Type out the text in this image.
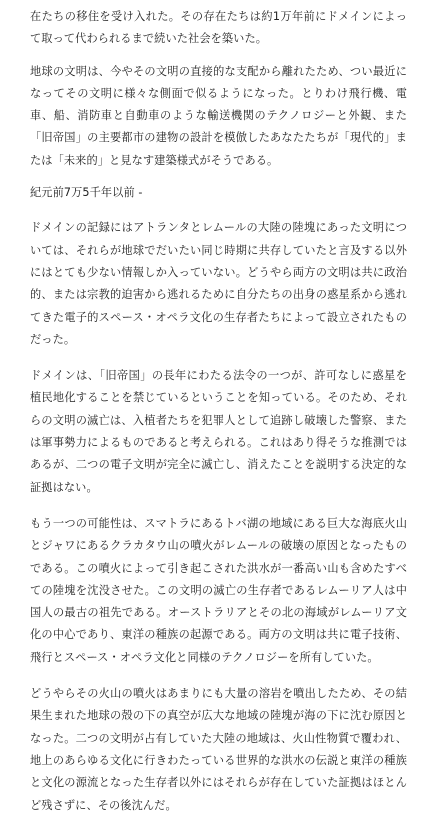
在たちの移住を受け入れた。その存在たちは約1万年前にドメインによって取って代わられるまで続いた社会を築いた。

地球の文明は、今やその文明の直接的な支配から離れたため、つい最近になってその文明に様々な側面で似るようになった。とりわけ飛行機、電車、船、消防車と自動車のような輸送機関のテクノロジーと外観、また「旧帝国」の主要都市の建物の設計を模倣したあなたたちが「現代的」または「未来的」と見なす建築様式がそうである。

紀元前7万5千年以前 -

ドメインの記録にはアトランタとレムールの大陸の陸塊にあった文明については、それらが地球でだいたい同じ時期に共存していたと言及する以外にはとても少ない情報しか入っていない。どうやら両方の文明は共に政治的、または宗教的迫害から逃れるために自分たちの出身の惑星系から逃れてきた電子的スペース・オペラ文化の生存者たちによって設立されたものだった。

ドメインは、「旧帝国」の長年にわたる法令の一つが、許可なしに惑星を植民地化することを禁じているということを知っている。そのため、それらの文明の滅亡は、入植者たちを犯罪人として追跡し破壊した警察、または軍事勢力によるものであると考えられる。これはあり得そうな推測ではあるが、二つの電子文明が完全に滅亡し、消えたことを説明する決定的な証拠はない。

もう一つの可能性は、スマトラにあるトバ湖の地域にある巨大な海底火山とジャワにあるクラカタウ山の噴火がレムールの破壊の原因となったものである。この噴火によって引き起こされた洪水が一番高い山も含めたすべての陸塊を沈没させた。この文明の滅亡の生存者であるレムーリア人は中国人の最古の祖先である。オーストラリアとその北の海域がレムーリア文化の中心であり、東洋の種族の起源である。両方の文明は共に電子技術、飛行とスペース・オペラ文化と同様のテクノロジーを所有していた。

どうやらその火山の噴火はあまりにも大量の溶岩を噴出したため、その結果生まれた地球の殻の下の真空が広大な地域の陸塊が海の下に沈む原因となった。二つの文明が占有していた大陸の地域は、火山性物質で覆われ、地上のあらゆる文化に行きわたっている世界的な洪水の伝説と東洋の種族と文化の源流となった生存者以外にはそれらが存在していた証拠はほとんど残さずに、その後沈んだ。
